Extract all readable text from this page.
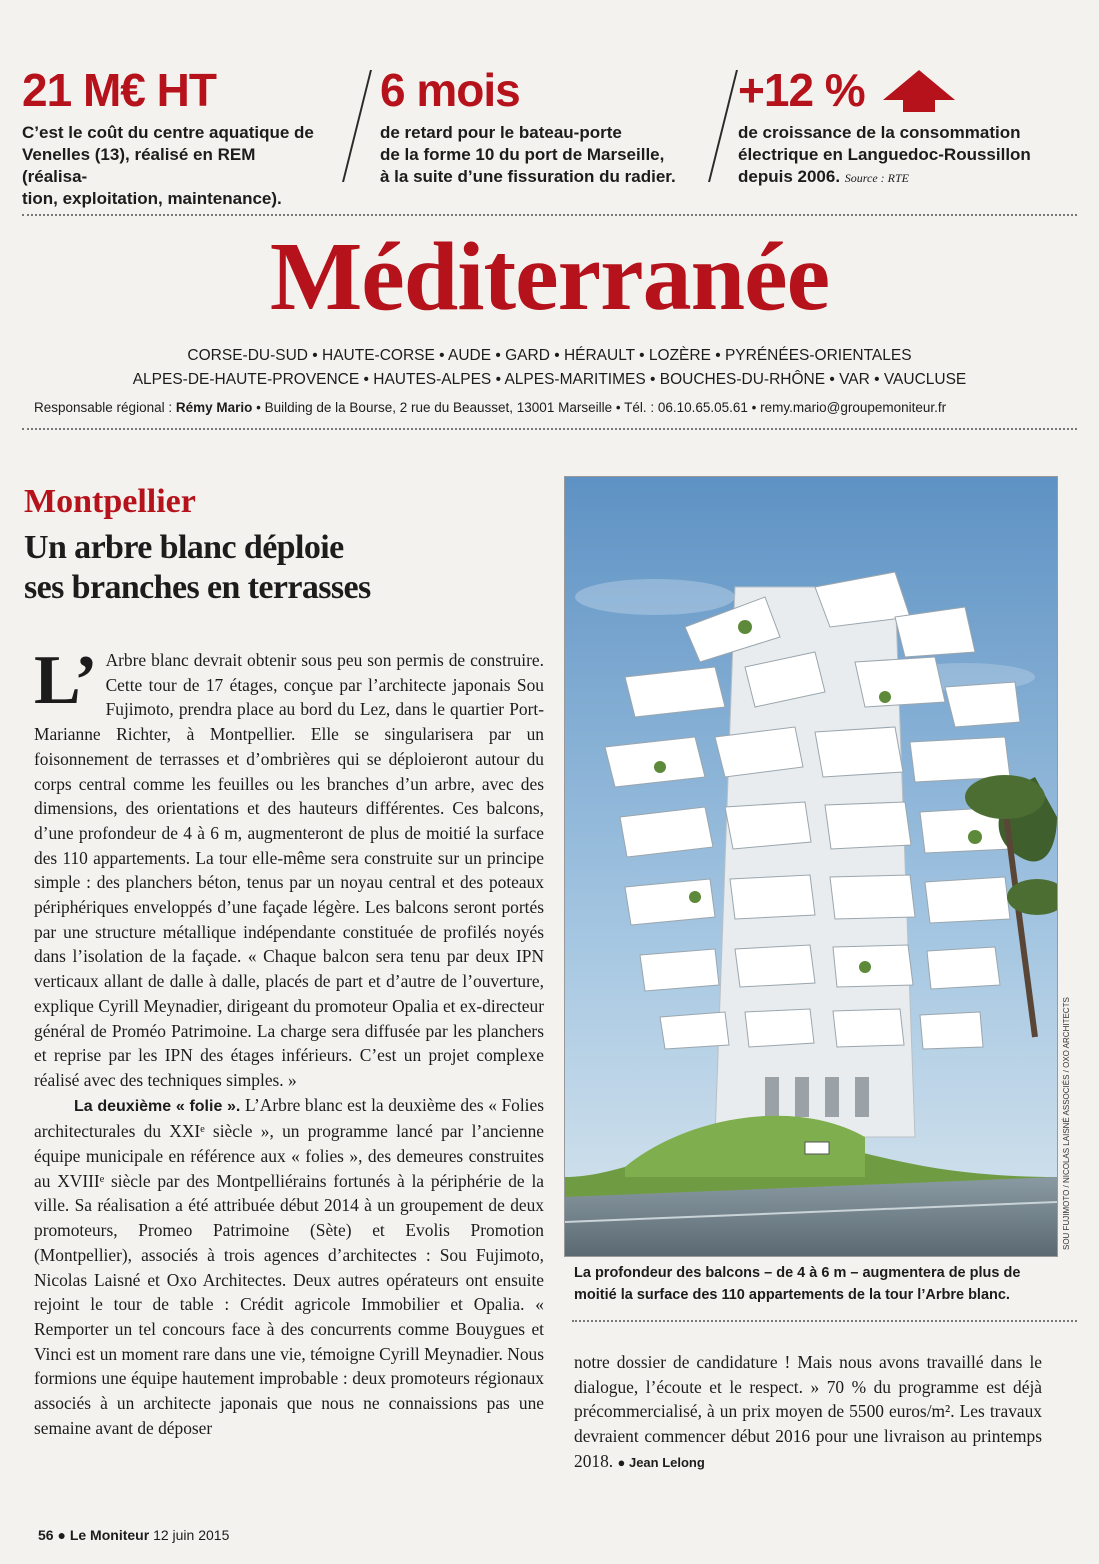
21 M€ HT
C’est le coût du centre aquatique de
Venelles (13), réalisé en REM (réalisa-
tion, exploitation, maintenance).
6 mois
de retard pour le bateau-porte
de la forme 10 du port de Marseille,
à la suite d’une fissuration du radier.
+12 %
de croissance de la consommation
électrique en Languedoc-Roussillon
depuis 2006. Source : RTE
Méditerranée
CORSE-DU-SUD • HAUTE-CORSE • AUDE • GARD • HÉRAULT • LOZÈRE • PYRÉNÉES-ORIENTALES
ALPES-DE-HAUTE-PROVENCE • HAUTES-ALPES • ALPES-MARITIMES • BOUCHES-DU-RHÔNE • VAR • VAUCLUSE
Responsable régional : Rémy Mario • Building de la Bourse, 2 rue du Beausset, 13001 Marseille • Tél. : 06.10.65.05.61 • remy.mario@groupemoniteur.fr
Montpellier
Un arbre blanc déploie
ses branches en terrasses

L’ Arbre blanc devrait obtenir sous peu son permis de construire. Cette tour de 17 étages, conçue par l’architecte japonais Sou Fujimoto, prendra place au bord du Lez, dans le quartier Port-Marianne Richter, à Montpellier. Elle se singularisera par un foisonnement de terrasses et d’ombrières qui se déploieront autour du corps central comme les feuilles ou les branches d’un arbre, avec des dimensions, des orientations et des hauteurs différentes. Ces balcons, d’une profondeur de 4 à 6 m, augmenteront de plus de moitié la surface des 110 appartements. La tour elle-même sera construite sur un principe simple : des planchers béton, tenus par un noyau central et des poteaux périphériques enveloppés d’une façade légère. Les balcons seront portés par une structure métallique indépendante constituée de profilés noyés dans l’isolation de la façade. « Chaque balcon sera tenu par deux IPN verticaux allant de dalle à dalle, placés de part et d’autre de l’ouverture, explique Cyrill Meynadier, dirigeant du promoteur Opalia et ex-directeur général de Proméo Patrimoine. La charge sera diffusée par les planchers et reprise par les IPN des étages inférieurs. C’est un projet complexe réalisé avec des techniques simples. »

La deuxième « folie ». L’Arbre blanc est la deuxième des « Folies architecturales du XXIᵉ siècle », un programme lancé par l’ancienne équipe municipale en référence aux « folies », des demeures construites au XVIIIᵉ siècle par des Montpelliérains fortunés à la périphérie de la ville. Sa réalisation a été attribuée début 2014 à un groupement de deux promoteurs, Promeo Patrimoine (Sète) et Evolis Promotion (Montpellier), associés à trois agences d’architectes : Sou Fujimoto, Nicolas Laisné et Oxo Architectes. Deux autres opérateurs ont ensuite rejoint le tour de table : Crédit agricole Immobilier et Opalia. « Remporter un tel concours face à des concurrents comme Bouygues et Vinci est un moment rare dans une vie, témoigne Cyrill Meynadier. Nous formions une équipe hautement improbable : deux promoteurs régionaux associés à un architecte japonais que nous ne connaissions pas une semaine avant de déposer

SOU FUJIMOTO / NICOLAS LAISNÉ ASSOCIÉS / OXO ARCHITECTS
La profondeur des balcons – de 4 à 6 m – augmentera de plus de moitié la surface des 110 appartements de la tour l’Arbre blanc.

notre dossier de candidature ! Mais nous avons travaillé dans le dialogue, l’écoute et le respect. » 70 % du programme est déjà précommercialisé, à un prix moyen de 5500 euros/m². Les travaux devraient commencer début 2016 pour une livraison au printemps 2018. ● Jean Lelong

56 ● Le Moniteur 12 juin 2015
